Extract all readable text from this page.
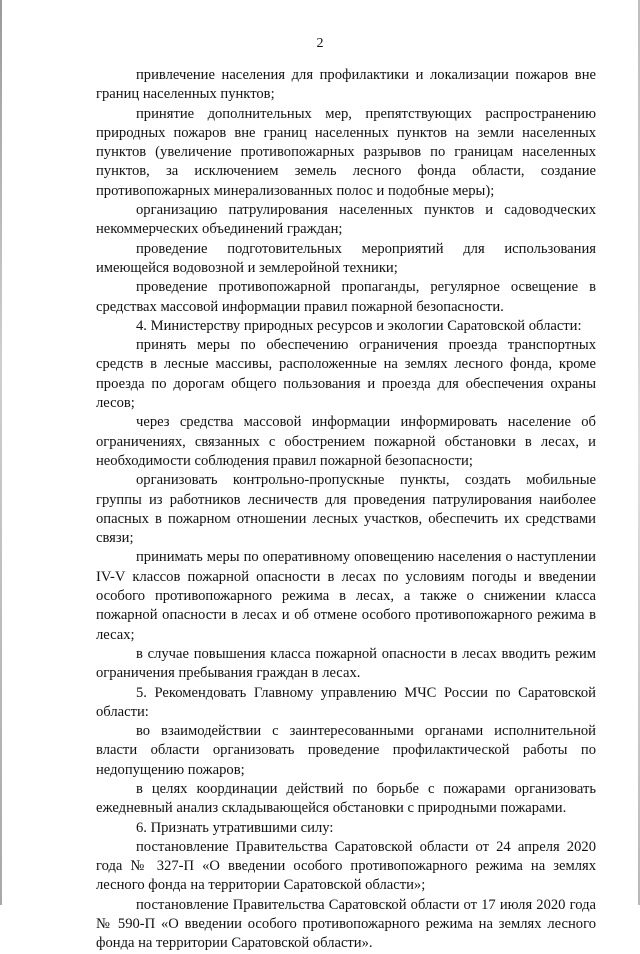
2

привлечение населения для профилактики и локализации пожаров вне границ населенных пунктов;

принятие дополнительных мер, препятствующих распространению природных пожаров вне границ населенных пунктов на земли населенных пунктов (увеличение противопожарных разрывов по границам населенных пунктов, за исключением земель лесного фонда области, создание противопожарных минерализованных полос и подобные меры);

организацию патрулирования населенных пунктов и садоводческих некоммерческих объединений граждан;

проведение подготовительных мероприятий для использования имеющейся водовозной и землеройной техники;

проведение противопожарной пропаганды, регулярное освещение в средствах массовой информации правил пожарной безопасности.

4. Министерству природных ресурсов и экологии Саратовской области:

принять меры по обеспечению ограничения проезда транспортных средств в лесные массивы, расположенные на землях лесного фонда, кроме проезда по дорогам общего пользования и проезда для обеспечения охраны лесов;

через средства массовой информации информировать население об ограничениях, связанных с обострением пожарной обстановки в лесах, и необходимости соблюдения правил пожарной безопасности;

организовать контрольно-пропускные пункты, создать мобильные группы из работников лесничеств для проведения патрулирования наиболее опасных в пожарном отношении лесных участков, обеспечить их средствами связи;

принимать меры по оперативному оповещению населения о наступлении IV-V классов пожарной опасности в лесах по условиям погоды и введении особого противопожарного режима в лесах, а также о снижении класса пожарной опасности в лесах и об отмене особого противопожарного режима в лесах;

в случае повышения класса пожарной опасности в лесах вводить режим ограничения пребывания граждан в лесах.

5. Рекомендовать Главному управлению МЧС России по Саратовской области:

во взаимодействии с заинтересованными органами исполнительной власти области организовать проведение профилактической работы по недопущению пожаров;

в целях координации действий по борьбе с пожарами организовать ежедневный анализ складывающейся обстановки с природными пожарами.

6. Признать утратившими силу:

постановление Правительства Саратовской области от 24 апреля 2020 года № 327-П «О введении особого противопожарного режима на землях лесного фонда на территории Саратовской области»;

постановление Правительства Саратовской области от 17 июля 2020 года № 590-П «О введении особого противопожарного режима на землях лесного фонда на территории Саратовской области».
